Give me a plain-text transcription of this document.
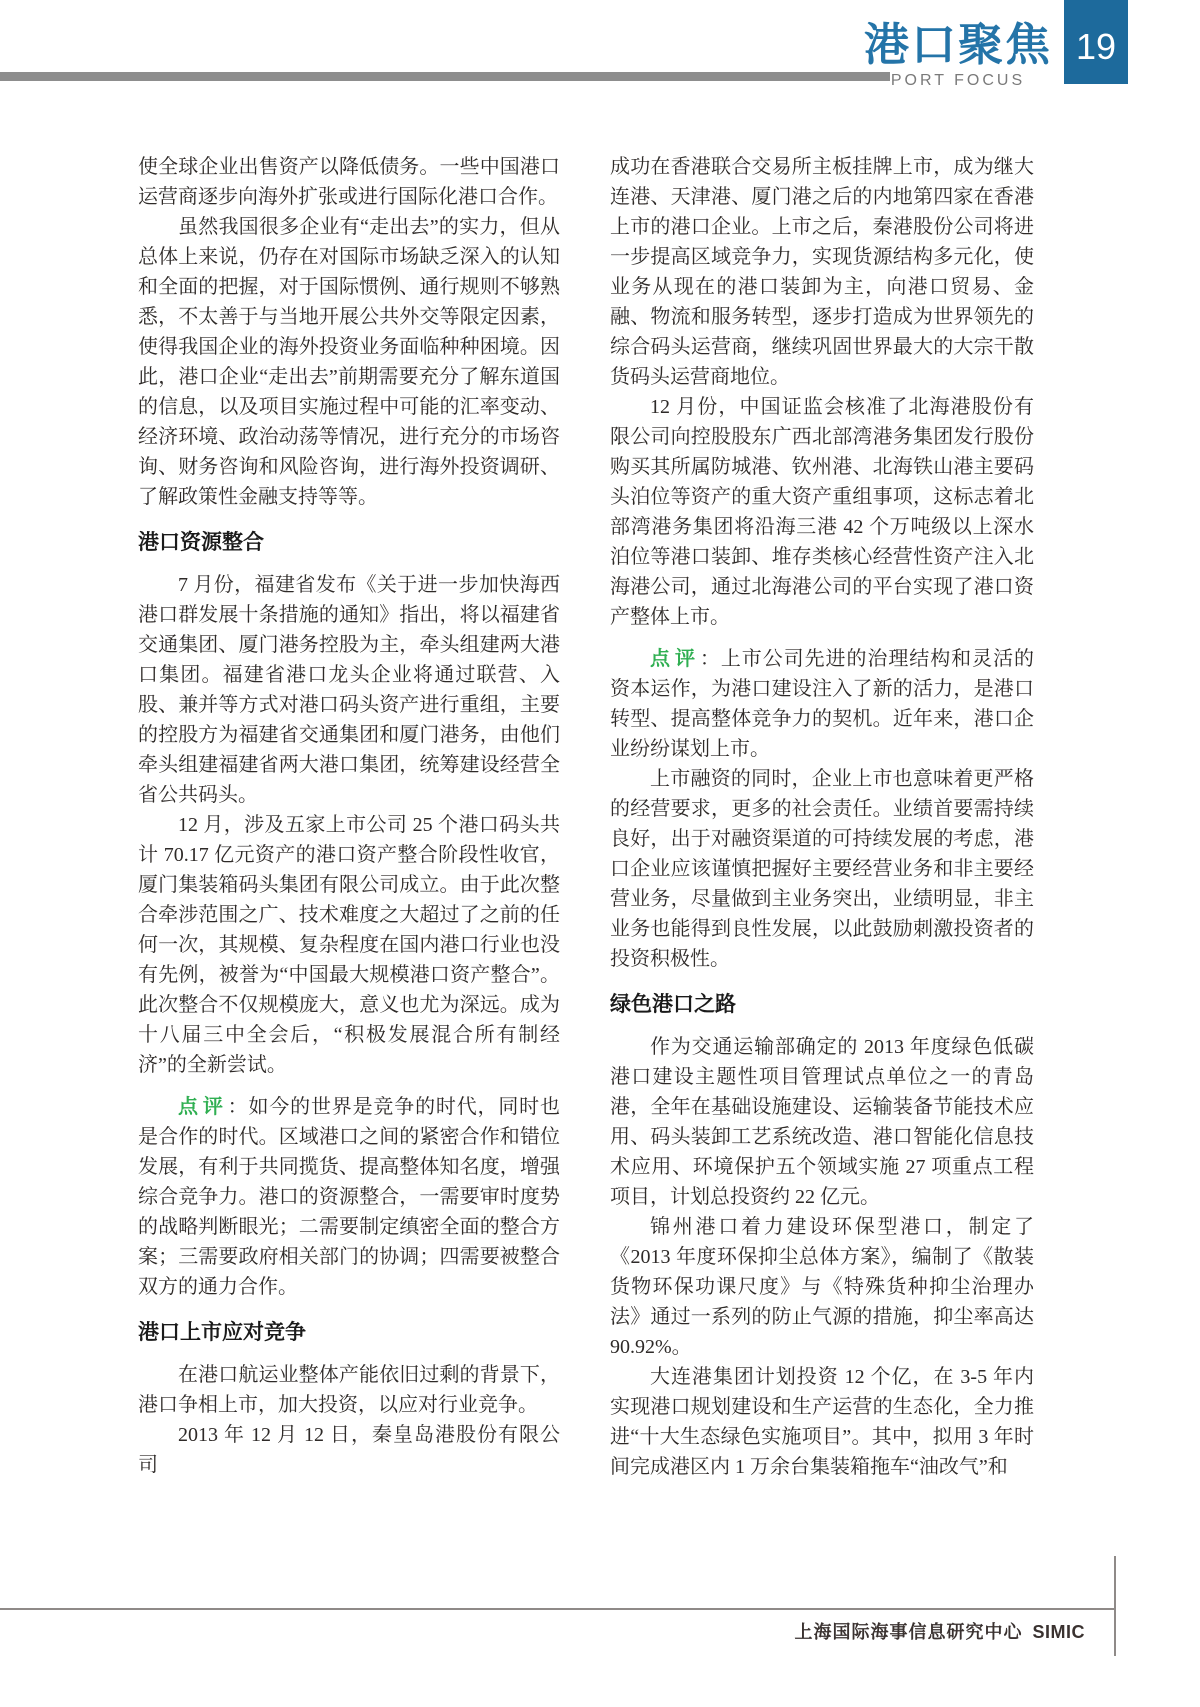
港口聚焦
PORT FOCUS
19

使全球企业出售资产以降低债务。一些中国港口运营商逐步向海外扩张或进行国际化港口合作。

虽然我国很多企业有“走出去”的实力，但从总体上来说，仍存在对国际市场缺乏深入的认知和全面的把握，对于国际惯例、通行规则不够熟悉，不太善于与当地开展公共外交等限定因素，使得我国企业的海外投资业务面临种种困境。因此，港口企业“走出去”前期需要充分了解东道国的信息，以及项目实施过程中可能的汇率变动、经济环境、政治动荡等情况，进行充分的市场咨询、财务咨询和风险咨询，进行海外投资调研、了解政策性金融支持等等。

港口资源整合

7 月份，福建省发布《关于进一步加快海西港口群发展十条措施的通知》指出，将以福建省交通集团、厦门港务控股为主，牵头组建两大港口集团。福建省港口龙头企业将通过联营、入股、兼并等方式对港口码头资产进行重组，主要的控股方为福建省交通集团和厦门港务，由他们牵头组建福建省两大港口集团，统筹建设经营全省公共码头。

12 月，涉及五家上市公司 25 个港口码头共计 70.17 亿元资产的港口资产整合阶段性收官，厦门集装箱码头集团有限公司成立。由于此次整合牵涉范围之广、技术难度之大超过了之前的任何一次，其规模、复杂程度在国内港口行业也没有先例，被誉为“中国最大规模港口资产整合”。此次整合不仅规模庞大，意义也尤为深远。成为十八届三中全会后，“积极发展混合所有制经济”的全新尝试。

点评：如今的世界是竞争的时代，同时也是合作的时代。区域港口之间的紧密合作和错位发展，有利于共同揽货、提高整体知名度，增强综合竞争力。港口的资源整合，一需要审时度势的战略判断眼光；二需要制定缜密全面的整合方案；三需要政府相关部门的协调；四需要被整合双方的通力合作。

港口上市应对竞争

在港口航运业整体产能依旧过剩的背景下，港口争相上市，加大投资，以应对行业竞争。

2013 年 12 月 12 日，秦皇岛港股份有限公司

成功在香港联合交易所主板挂牌上市，成为继大连港、天津港、厦门港之后的内地第四家在香港上市的港口企业。上市之后，秦港股份公司将进一步提高区域竞争力，实现货源结构多元化，使业务从现在的港口装卸为主，向港口贸易、金融、物流和服务转型，逐步打造成为世界领先的综合码头运营商，继续巩固世界最大的大宗干散货码头运营商地位。

12 月份，中国证监会核准了北海港股份有限公司向控股股东广西北部湾港务集团发行股份购买其所属防城港、钦州港、北海铁山港主要码头泊位等资产的重大资产重组事项，这标志着北部湾港务集团将沿海三港 42 个万吨级以上深水泊位等港口装卸、堆存类核心经营性资产注入北海港公司，通过北海港公司的平台实现了港口资产整体上市。

点评：上市公司先进的治理结构和灵活的资本运作，为港口建设注入了新的活力，是港口转型、提高整体竞争力的契机。近年来，港口企业纷纷谋划上市。

上市融资的同时，企业上市也意味着更严格的经营要求，更多的社会责任。业绩首要需持续良好，出于对融资渠道的可持续发展的考虑，港口企业应该谨慎把握好主要经营业务和非主要经营业务，尽量做到主业务突出，业绩明显，非主业务也能得到良性发展，以此鼓励刺激投资者的投资积极性。

绿色港口之路

作为交通运输部确定的 2013 年度绿色低碳港口建设主题性项目管理试点单位之一的青岛港，全年在基础设施建设、运输装备节能技术应用、码头装卸工艺系统改造、港口智能化信息技术应用、环境保护五个领域实施 27 项重点工程项目，计划总投资约 22 亿元。

锦州港口着力建设环保型港口，制定了《2013 年度环保抑尘总体方案》，编制了《散装货物环保功课尺度》与《特殊货种抑尘治理办法》通过一系列的防止气源的措施，抑尘率高达 90.92%。

大连港集团计划投资 12 个亿，在 3-5 年内实现港口规划建设和生产运营的生态化，全力推进“十大生态绿色实施项目”。其中，拟用 3 年时间完成港区内 1 万余台集装箱拖车“油改气”和

上海国际海事信息研究中心 SIMIC
